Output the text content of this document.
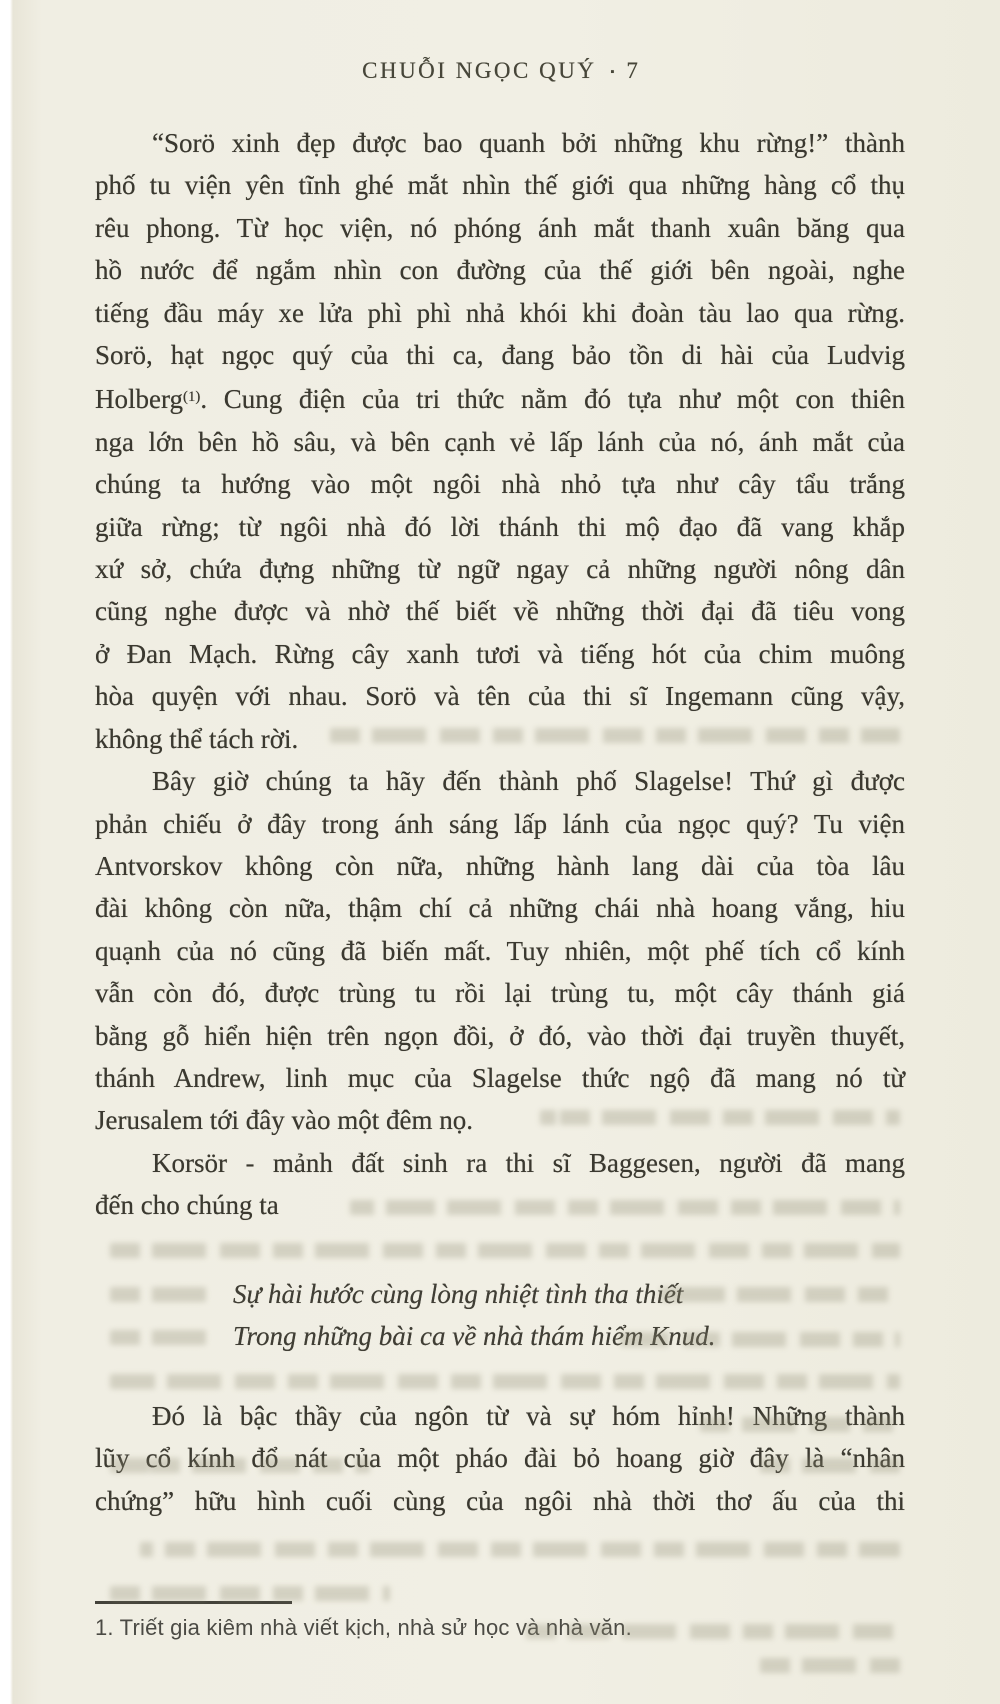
CHUỖI NGỌC QUÝ ▪ 7
“Sorö xinh đẹp được bao quanh bởi những khu rừng!” thành
phố tu viện yên tĩnh ghé mắt nhìn thế giới qua những hàng cổ thụ
rêu phong. Từ học viện, nó phóng ánh mắt thanh xuân băng qua
hồ nước để ngắm nhìn con đường của thế giới bên ngoài, nghe
tiếng đầu máy xe lửa phì phì nhả khói khi đoàn tàu lao qua rừng.
Sorö, hạt ngọc quý của thi ca, đang bảo tồn di hài của Ludvig
Holberg$^{(1)}$. Cung điện của tri thức nằm đó tựa như một con thiên
nga lớn bên hồ sâu, và bên cạnh vẻ lấp lánh của nó, ánh mắt của
chúng ta hướng vào một ngôi nhà nhỏ tựa như cây tẩu trắng
giữa rừng; từ ngôi nhà đó lời thánh thi mộ đạo đã vang khắp
xứ sở, chứa đựng những từ ngữ ngay cả những người nông dân
cũng nghe được và nhờ thế biết về những thời đại đã tiêu vong
ở Đan Mạch. Rừng cây xanh tươi và tiếng hót của chim muông
hòa quyện với nhau. Sorö và tên của thi sĩ Ingemann cũng vậy,
không thể tách rời.
Bây giờ chúng ta hãy đến thành phố Slagelse! Thứ gì được
phản chiếu ở đây trong ánh sáng lấp lánh của ngọc quý? Tu viện
Antvorskov không còn nữa, những hành lang dài của tòa lâu
đài không còn nữa, thậm chí cả những chái nhà hoang vắng, hiu
quạnh của nó cũng đã biến mất. Tuy nhiên, một phế tích cổ kính
vẫn còn đó, được trùng tu rồi lại trùng tu, một cây thánh giá
bằng gỗ hiển hiện trên ngọn đồi, ở đó, vào thời đại truyền thuyết,
thánh Andrew, linh mục của Slagelse thức ngộ đã mang nó từ
Jerusalem tới đây vào một đêm nọ.
Korsör - mảnh đất sinh ra thi sĩ Baggesen, người đã mang
đến cho chúng ta
Sự hài hước cùng lòng nhiệt tình tha thiết
Trong những bài ca về nhà thám hiểm Knud.
Đó là bậc thầy của ngôn từ và sự hóm hỉnh! Những thành
lũy cổ kính đổ nát của một pháo đài bỏ hoang giờ đây là “nhân
chứng” hữu hình cuối cùng của ngôi nhà thời thơ ấu của thi
1. Triết gia kiêm nhà viết kịch, nhà sử học và nhà văn.
